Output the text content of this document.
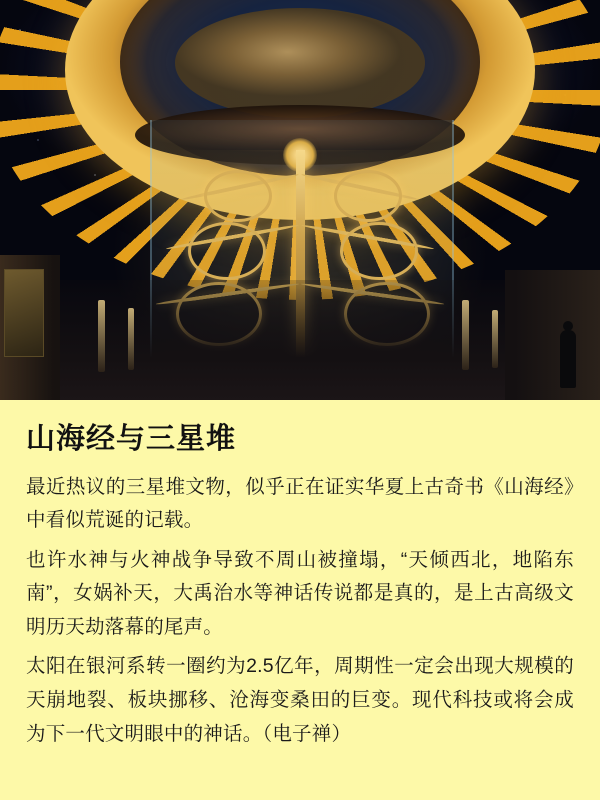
山海经与三星堆

最近热议的三星堆文物，似乎正在证实华夏上古奇书《山海经》中看似荒诞的记载。

也许水神与火神战争导致不周山被撞塌，“天倾西北，地陷东南”，女娲补天，大禹治水等神话传说都是真的，是上古高级文明历天劫落幕的尾声。

太阳在银河系转一圈约为2.5亿年，周期性一定会出现大规模的天崩地裂、板块挪移、沧海变桑田的巨变。现代科技或将会成为下一代文明眼中的神话。（电子禅）
